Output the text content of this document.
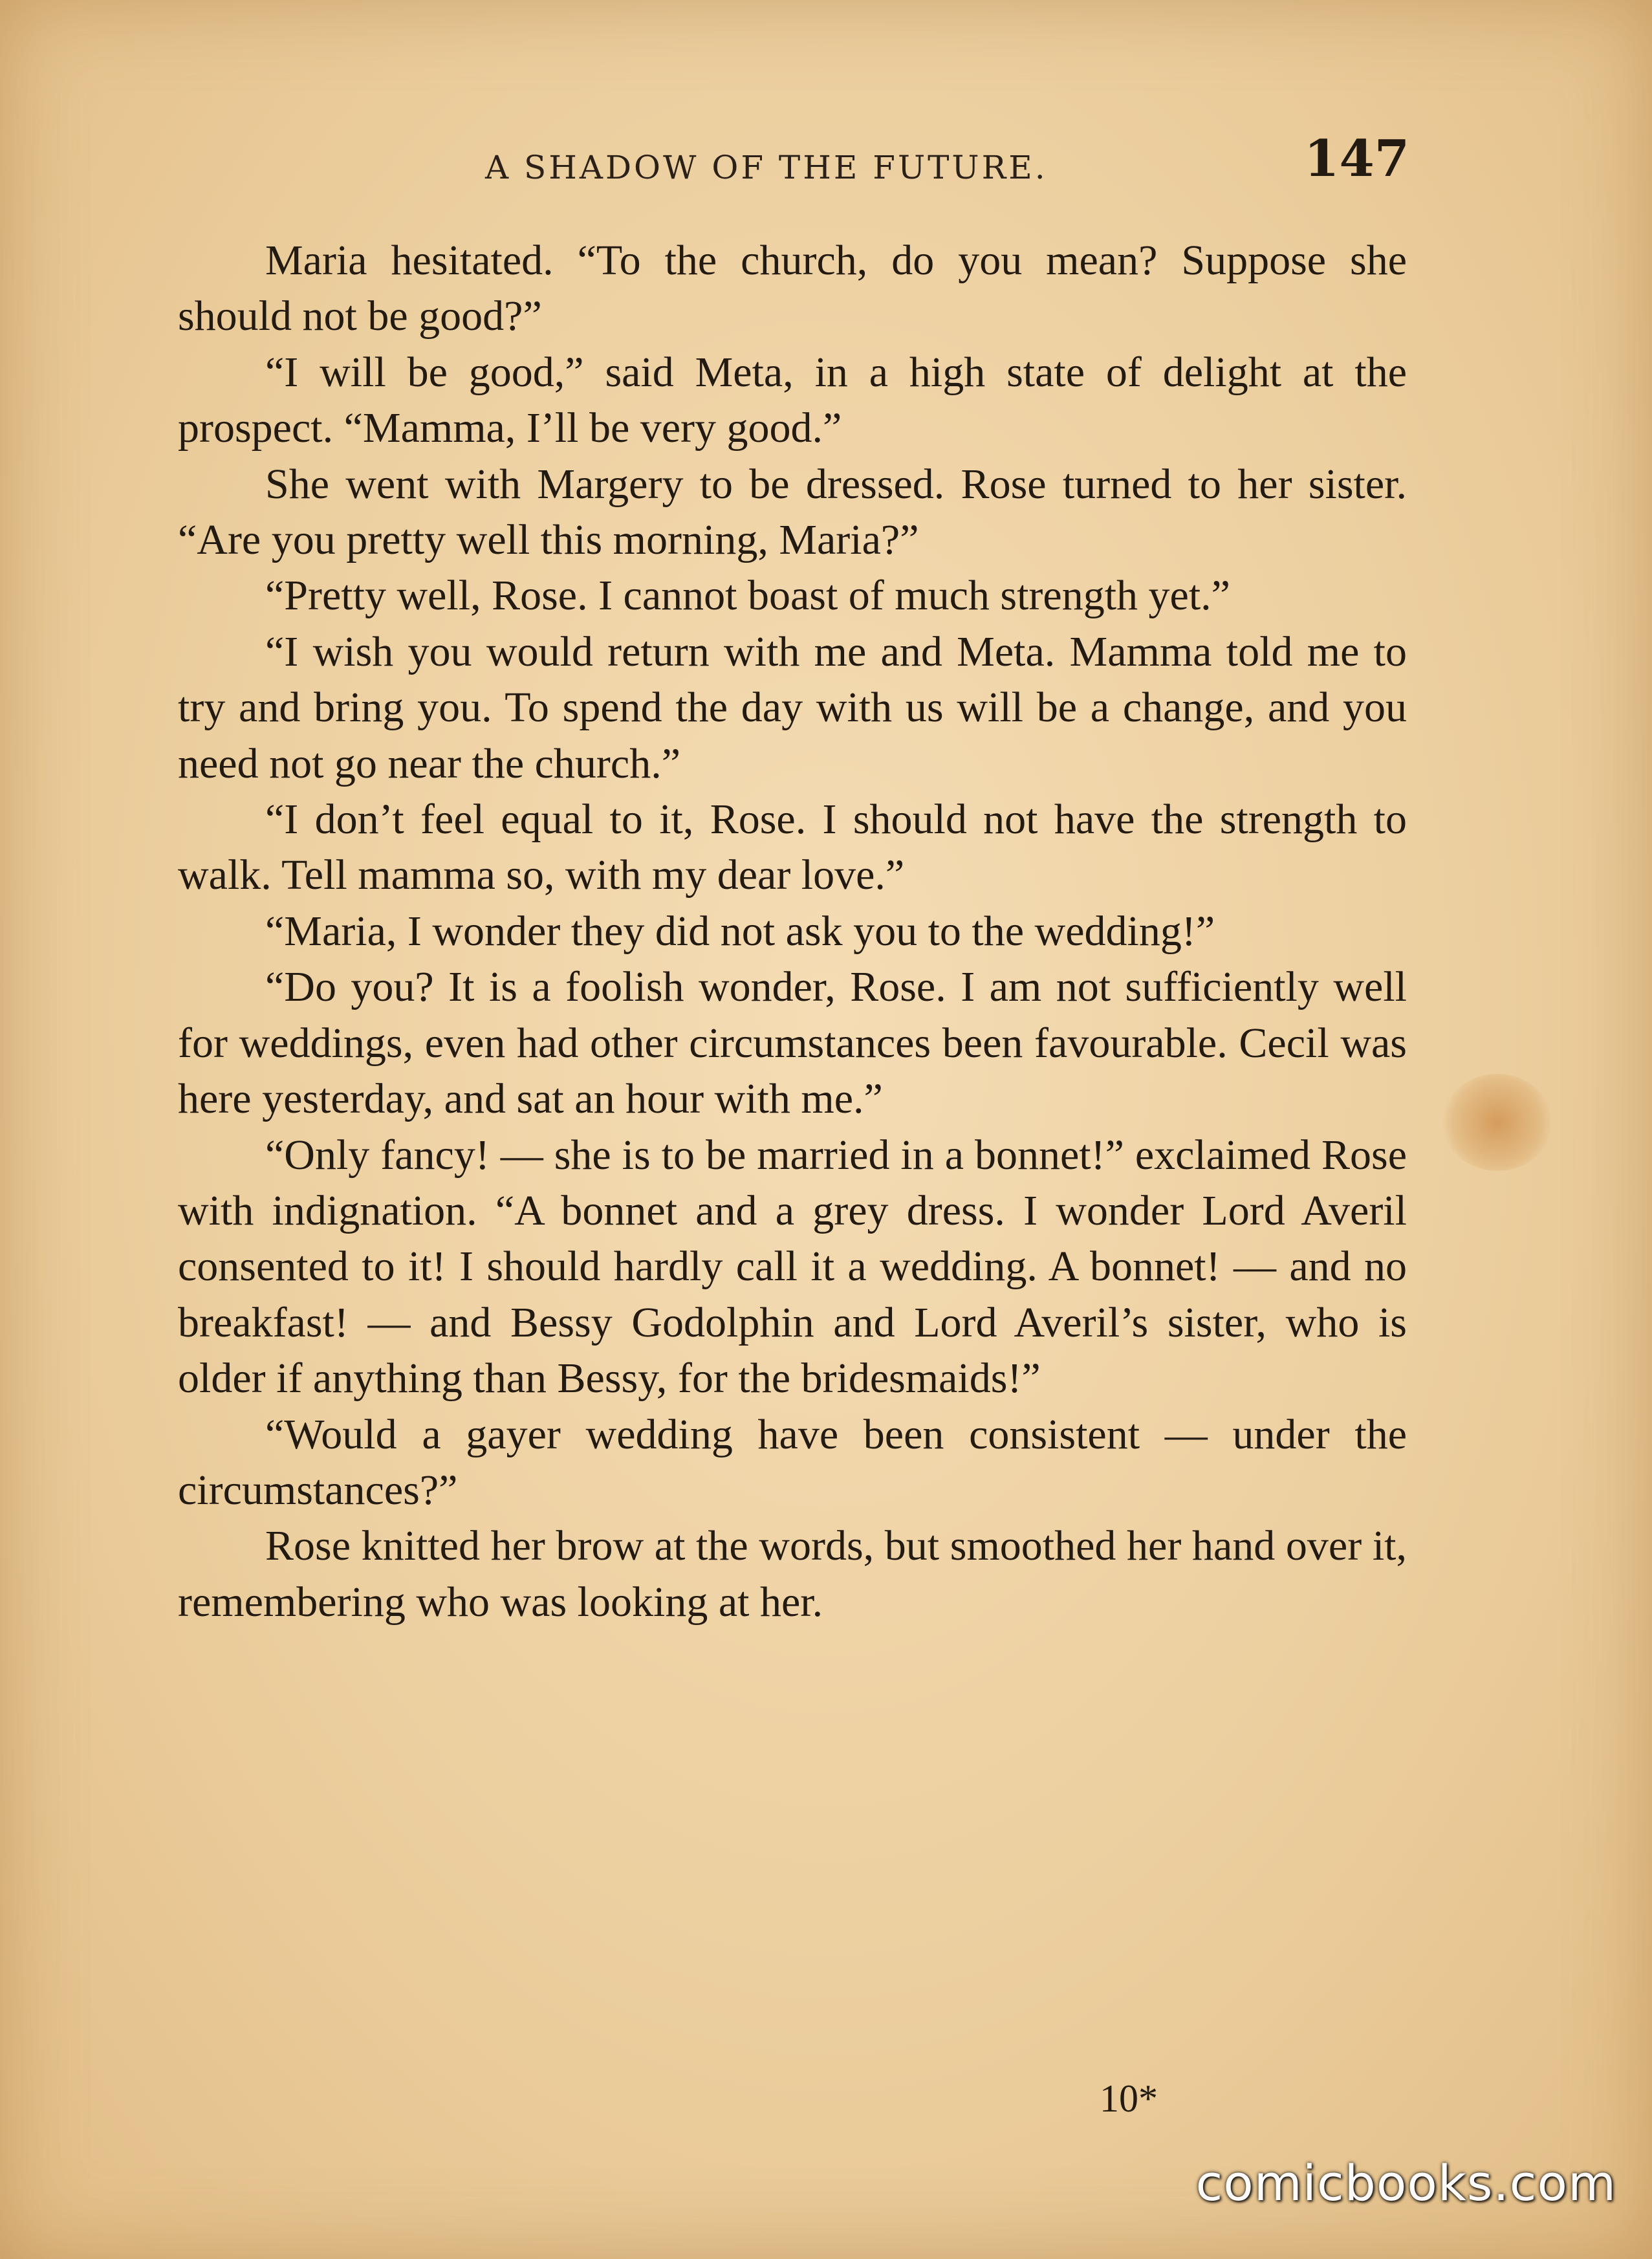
A SHADOW OF THE FUTURE.	147

Maria hesitated. “To the church, do you mean? Suppose she should not be good?”

“I will be good,” said Meta, in a high state of delight at the prospect. “Mamma, I’ll be very good.”

She went with Margery to be dressed. Rose turned to her sister. “Are you pretty well this morning, Maria?”

“Pretty well, Rose. I cannot boast of much strength yet.”

“I wish you would return with me and Meta. Mamma told me to try and bring you. To spend the day with us will be a change, and you need not go near the church.”

“I don’t feel equal to it, Rose. I should not have the strength to walk. Tell mamma so, with my dear love.”

“Maria, I wonder they did not ask you to the wedding!”

“Do you? It is a foolish wonder, Rose. I am not sufficiently well for weddings, even had other circumstances been favourable. Cecil was here yesterday, and sat an hour with me.”

“Only fancy! — she is to be married in a bonnet!” exclaimed Rose with indignation. “A bonnet and a grey dress. I wonder Lord Averil consented to it! I should hardly call it a wedding. A bonnet! — and no breakfast! — and Bessy Godolphin and Lord Averil’s sister, who is older if anything than Bessy, for the bridesmaids!”

“Would a gayer wedding have been consistent — under the circumstances?”

Rose knitted her brow at the words, but smoothed her hand over it, remembering who was looking at her.

10*
comicbooks.com
